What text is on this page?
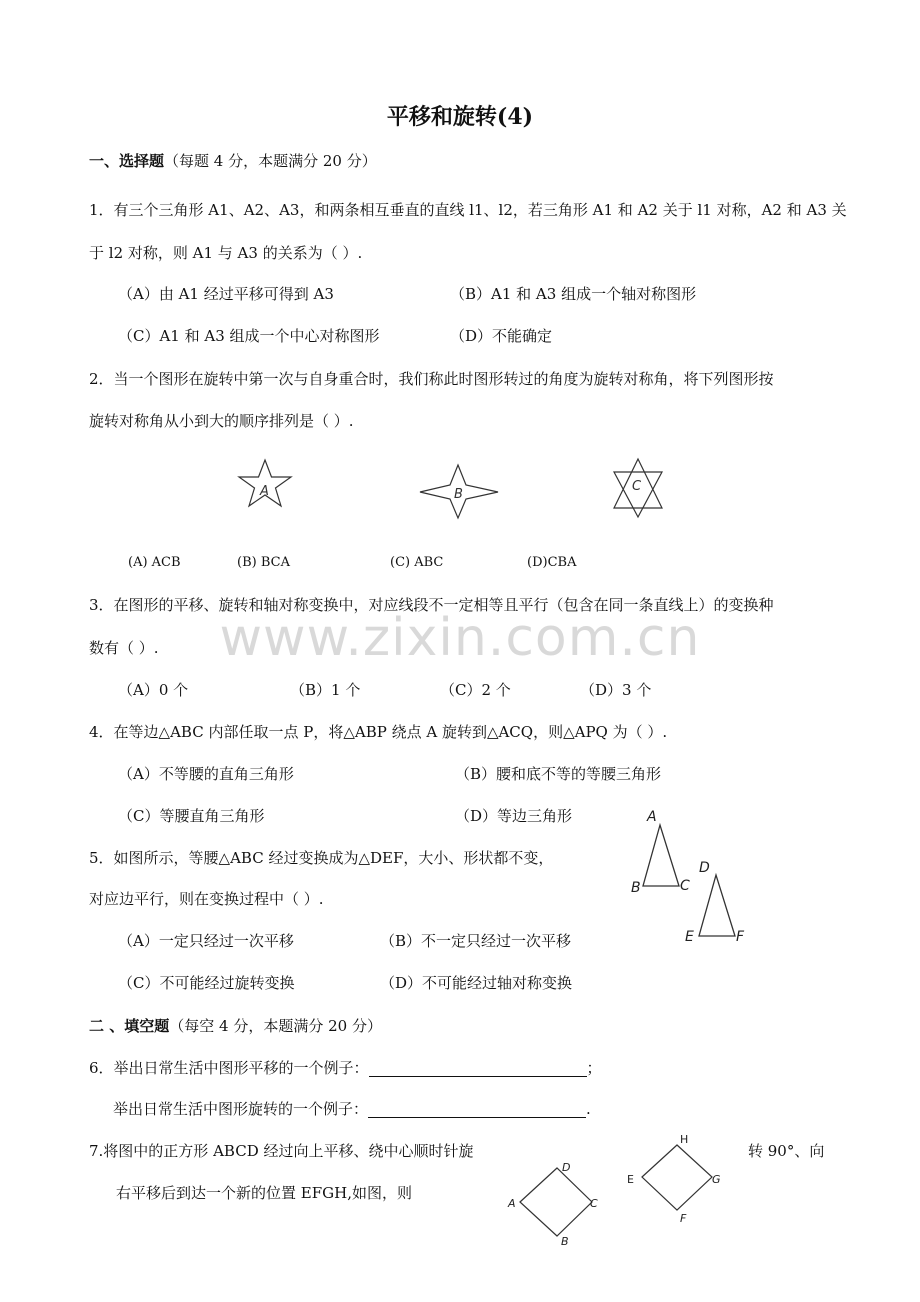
平移和旋转(4)
一、选择题（每题 4 分，本题满分 20 分）
1．有三个三角形 A1、A2、A3，和两条相互垂直的直线 l1、l2，若三角形 A1 和 A2 关于 l1 对称，A2 和 A3 关
于 l2 对称，则 A1 与 A3 的关系为（ ）.
（A）由 A1 经过平移可得到 A3	（B）A1 和 A3 组成一个轴对称图形
（C）A1 和 A3 组成一个中心对称图形	（D）不能确定
2．当一个图形在旋转中第一次与自身重合时，我们称此时图形转过的角度为旋转对称角，将下列图形按
旋转对称角从小到大的顺序排列是（ ）.
A	B
C
(A) ACB	(B) BCA	(C) ABC	(D)CBA
www.zixin.com.cn
3．在图形的平移、旋转和轴对称变换中，对应线段不一定相等且平行（包含在同一条直线上）的变换种
数有（ ）.
（A）0 个	（B）1 个	（C）2 个	（D）3 个
4．在等边△ABC 内部任取一点 P，将△ABP 绕点 A 旋转到△ACQ，则△APQ 为（ ）.
（A）不等腰的直角三角形	（B）腰和底不等的等腰三角形
（C）等腰直角三角形	（D）等边三角形	A
B	C
D
E	F
5．如图所示，等腰△ABC 经过变换成为△DEF，大小、形状都不变，
对应边平行，则在变换过程中（ ）.
（A）一定只经过一次平移	（B）不一定只经过一次平移
（C）不可能经过旋转变换	（D）不可能经过轴对称变换
二 、填空题（每空 4 分，本题满分 20 分）
6．举出日常生活中图形平移的一个例子：	；
举出日常生活中图形旋转的一个例子：	.
7.将图中的正方形 ABCD 经过向上平移、绕中心顺时针旋	转 90°、向
右平移后到达一个新的位置 EFGH,如图，则
A
B
C
D
E
F
G
H
